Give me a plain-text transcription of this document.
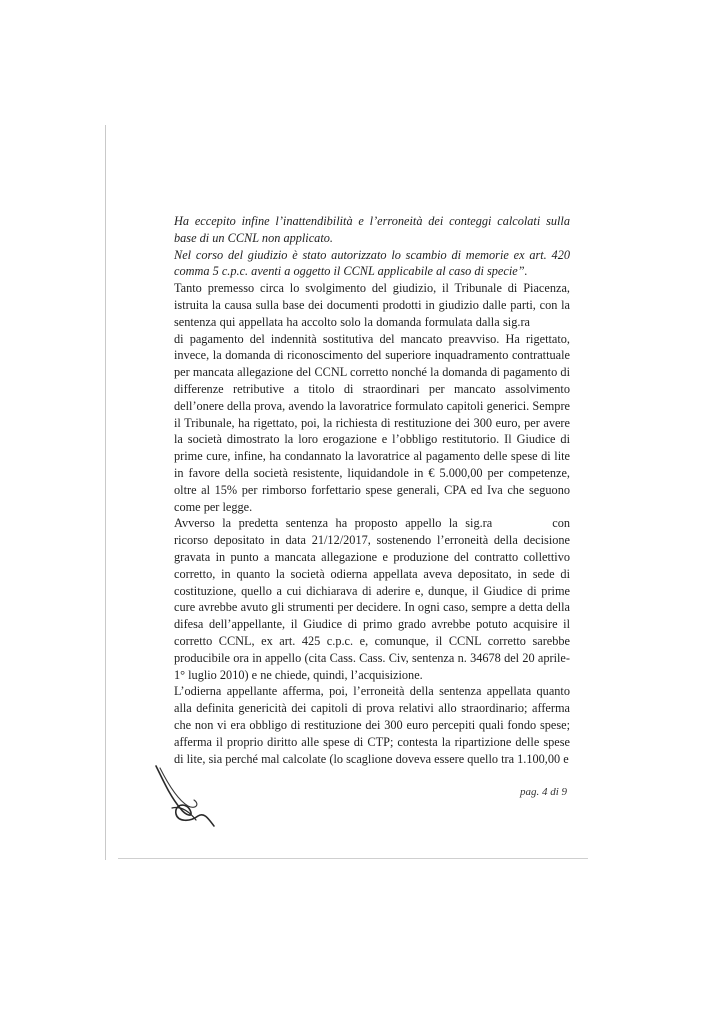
Ha eccepito infine l’inattendibilità e l’erroneità dei conteggi calcolati sulla base di un CCNL non applicato.

Nel corso del giudizio è stato autorizzato lo scambio di memorie ex art. 420 comma 5 c.p.c. aventi a oggetto il CCNL applicabile al caso di specie”.

Tanto premesso circa lo svolgimento del giudizio, il Tribunale di Piacenza, istruita la causa sulla base dei documenti prodotti in giudizio dalle parti, con la sentenza qui appellata ha accolto solo la domanda formulata dalla sig.radi pagamento del indennità sostitutiva del mancato preavviso. Ha rigettato, invece, la domanda di riconoscimento del superiore inquadramento contrattuale per mancata allegazione del CCNL corretto nonché la domanda di pagamento di differenze retributive a titolo di straordinari per mancato assolvimento dell’onere della prova, avendo la lavoratrice formulato capitoli generici. Sempre il Tribunale, ha rigettato, poi, la richiesta di restituzione dei 300 euro, per avere la società dimostrato la loro erogazione e l’obbligo restitutorio. Il Giudice di prime cure, infine, ha condannato la lavoratrice al pagamento delle spese di lite in favore della società resistente, liquidandole in € 5.000,00 per competenze, oltre al 15% per rimborso forfettario spese generali, CPA ed Iva che seguono come per legge.

Avverso la predetta sentenza ha proposto appello la sig.ra	con ricorso depositato in data 21/12/2017, sostenendo l’erroneità della decisione gravata in punto a mancata allegazione e produzione del contratto collettivo corretto, in quanto la società odierna appellata aveva depositato, in sede di costituzione, quello a cui dichiarava di aderire e, dunque, il Giudice di prime cure avrebbe avuto gli strumenti per decidere. In ogni caso, sempre a detta della difesa dell’appellante, il Giudice di primo grado avrebbe potuto acquisire il corretto CCNL, ex art. 425 c.p.c. e, comunque, il CCNL corretto sarebbe producibile ora in appello (cita Cass. Cass. Civ, sentenza n. 34678 del 20 aprile-1° luglio 2010) e ne chiede, quindi, l’acquisizione.

L’odierna appellante afferma, poi, l’erroneità della sentenza appellata quanto alla definita genericità dei capitoli di prova relativi allo straordinario; afferma che non vi era obbligo di restituzione dei 300 euro percepiti quali fondo spese; afferma il proprio diritto alle spese di CTP; contesta la ripartizione delle spese di lite, sia perché mal calcolate (lo scaglione doveva essere quello tra 1.100,00 e

pag. 4 di 9
